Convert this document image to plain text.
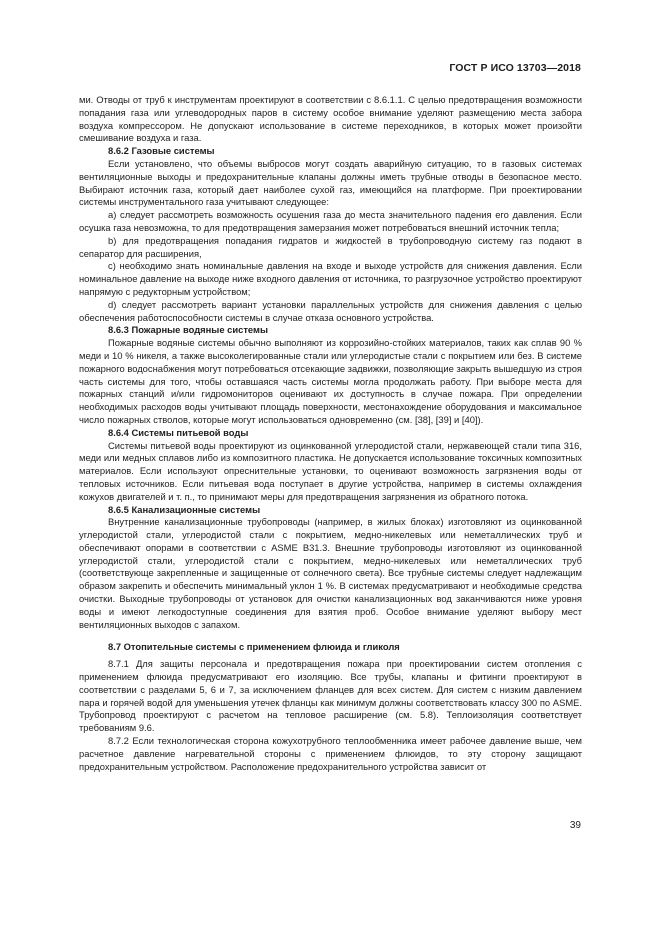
ГОСТ Р ИСО 13703—2018

ми. Отводы от труб к инструментам проектируют в соответствии с 8.6.1.1. С целью предотвращения возможности попадания газа или углеводородных паров в систему особое внимание уделяют размещению места забора воздуха компрессором. Не допускают использование в системе переходников, в которых может произойти смешивание воздуха и газа.

8.6.2 Газовые системы

Если установлено, что объемы выбросов могут создать аварийную ситуацию, то в газовых системах вентиляционные выходы и предохранительные клапаны должны иметь трубные отводы в безопасное место. Выбирают источник газа, который дает наиболее сухой газ, имеющийся на платформе. При проектировании системы инструментального газа учитывают следующее:

a) следует рассмотреть возможность осушения газа до места значительного падения его давления. Если осушка газа невозможна, то для предотвращения замерзания может потребоваться внешний источник тепла;

b) для предотвращения попадания гидратов и жидкостей в трубопроводную систему газ подают в сепаратор для расширения,

c) необходимо знать номинальные давления на входе и выходе устройств для снижения давления. Если номинальное давление на выходе ниже входного давления от источника, то разгрузочное устройство проектируют напрямую с редукторным устройством;

d) следует рассмотреть вариант установки параллельных устройств для снижения давления с целью обеспечения работоспособности системы в случае отказа основного устройства.

8.6.3 Пожарные водяные системы

Пожарные водяные системы обычно выполняют из коррозийно-стойких материалов, таких как сплав 90 % меди и 10 % никеля, а также высоколегированные стали или углеродистые стали с покрытием или без. В системе пожарного водоснабжения могут потребоваться отсекающие задвижки, позволяющие закрыть вышедшую из строя часть системы для того, чтобы оставшаяся часть системы могла продолжать работу. При выборе места для пожарных станций и/или гидромониторов оценивают их доступность в случае пожара. При определении необходимых расходов воды учитывают площадь поверхности, местонахождение оборудования и максимальное число пожарных стволов, которые могут использоваться одновременно (см. [38], [39] и [40]).

8.6.4 Системы питьевой воды

Системы питьевой воды проектируют из оцинкованной углеродистой стали, нержавеющей стали типа 316, меди или медных сплавов либо из композитного пластика. Не допускается использование токсичных композитных материалов. Если используют опреснительные установки, то оценивают возможность загрязнения воды от тепловых источников. Если питьевая вода поступает в другие устройства, например в системы охлаждения кожухов двигателей и т. п., то принимают меры для предотвращения загрязнения из обратного потока.

8.6.5 Канализационные системы

Внутренние канализационные трубопроводы (например, в жилых блоках) изготовляют из оцинкованной углеродистой стали, углеродистой стали с покрытием, медно-никелевых или неметаллических труб и обеспечивают опорами в соответствии с ASME В31.3. Внешние трубопроводы изготовляют из оцинкованной углеродистой стали, углеродистой стали с покрытием, медно-никелевых или неметаллических труб (соответствующе закрепленные и защищенные от солнечного света). Все трубные системы следует надлежащим образом закрепить и обеспечить минимальный уклон 1 %. В системах предусматривают и необходимые средства очистки. Выходные трубопроводы от установок для очистки канализационных вод заканчиваются ниже уровня воды и имеют легкодоступные соединения для взятия проб. Особое внимание уделяют выбору мест вентиляционных выходов с запахом.

8.7 Отопительные системы с применением флюида и гликоля

8.7.1 Для защиты персонала и предотвращения пожара при проектировании систем отопления с применением флюида предусматривают его изоляцию. Все трубы, клапаны и фитинги проектируют в соответствии с разделами 5, 6 и 7, за исключением фланцев для всех систем. Для систем с низким давлением пара и горячей водой для уменьшения утечек фланцы как минимум должны соответствовать классу 300 по ASME. Трубопровод проектируют с расчетом на тепловое расширение (см. 5.8). Теплоизоляция соответствует требованиям 9.6.

8.7.2 Если технологическая сторона кожухотрубного теплообменника имеет рабочее давление выше, чем расчетное давление нагревательной стороны с применением флюидов, то эту сторону защищают предохранительным устройством. Расположение предохранительного устройства зависит от

39
